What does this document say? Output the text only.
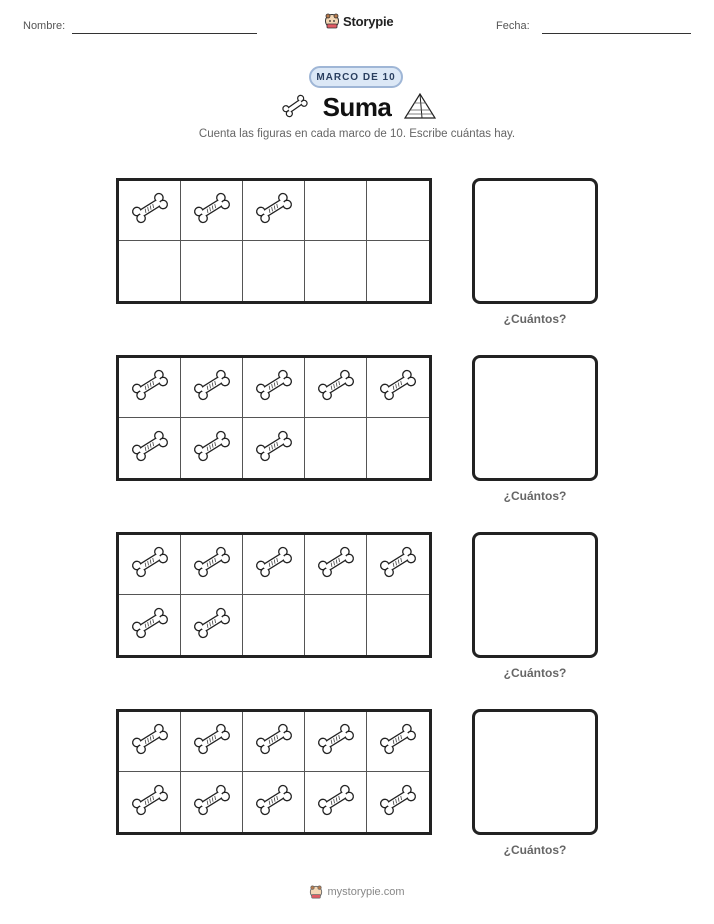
Nombre:	Storypie	Fecha:
MARCO DE 10
Suma
Cuenta las figuras en cada marco de 10. Escribe cuántas hay.
¿Cuántos?
¿Cuántos?
¿Cuántos?
¿Cuántos?
mystorypie.com
